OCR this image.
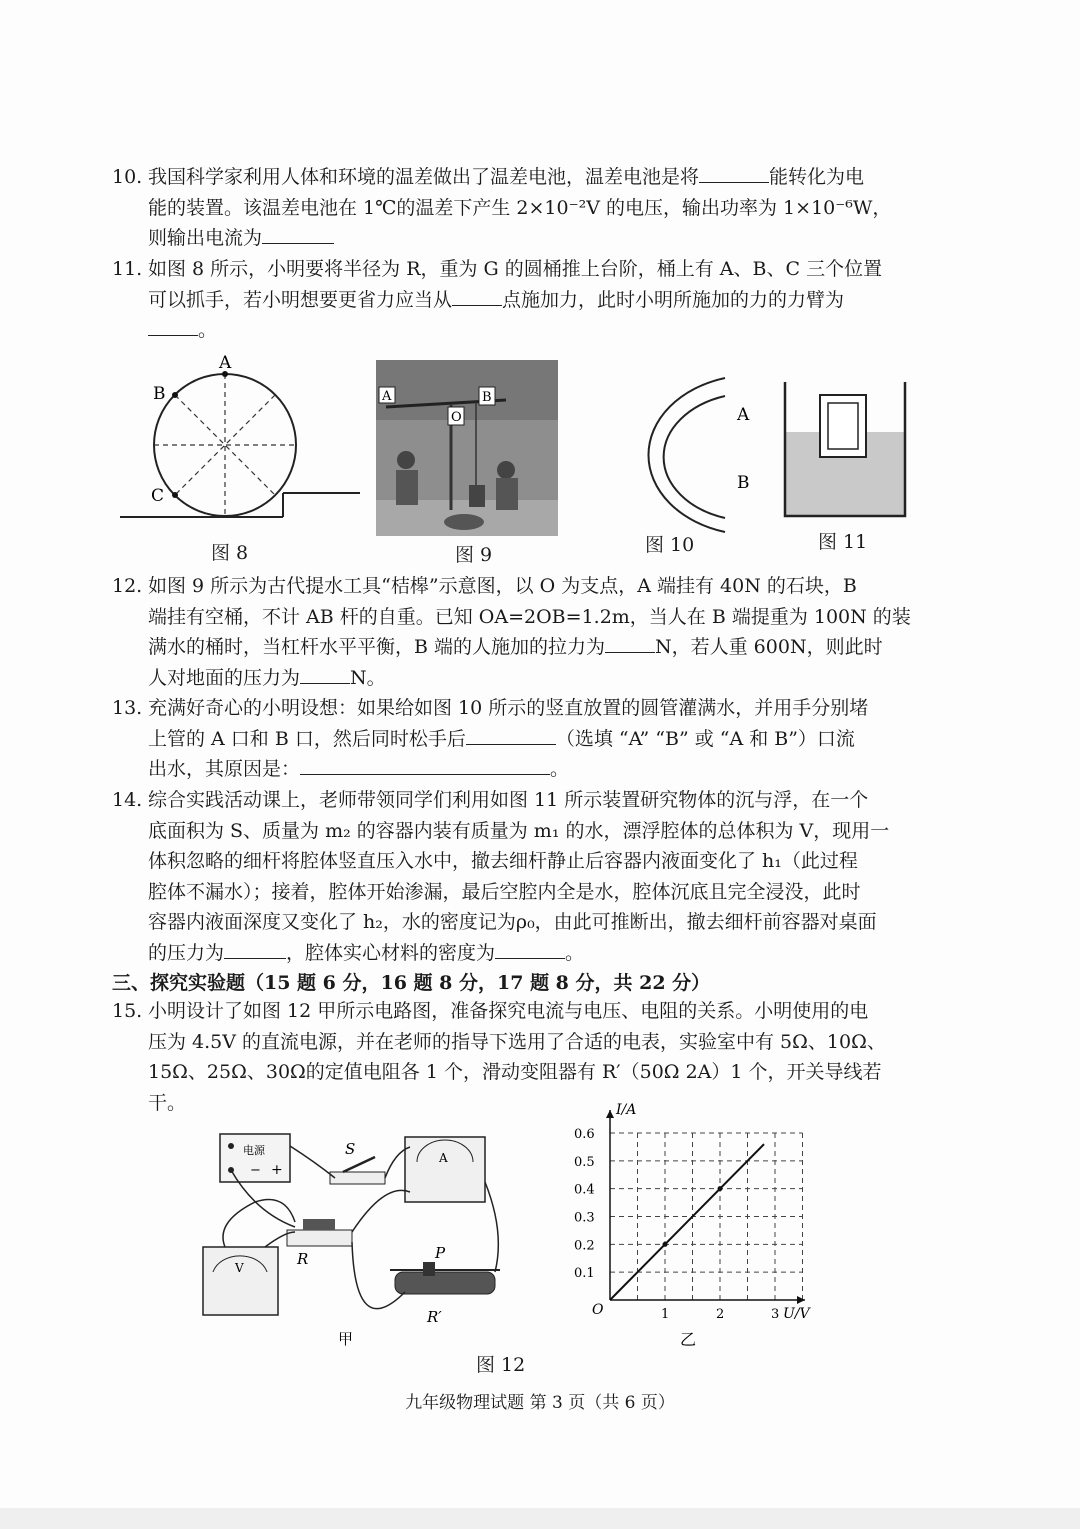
10. 我国科学家利用人体和环境的温差做出了温差电池，温差电池是将	能转化为电
能的装置。该温差电池在 1℃的温差下产生 2×10⁻²V 的电压，输出功率为 1×10⁻⁶W，
则输出电流为
11. 如图 8 所示，小明要将半径为 R，重为 G 的圆桶推上台阶，桶上有 A、B、C 三个位置
可以抓手，若小明想要更省力应当从	点施加力，此时小明所施加的力的力臂为
。
A
B
C
图 8
A
O
B
图 9
A
B
图 10	图 11
12. 如图 9 所示为古代提水工具“桔槔”示意图，以 O 为支点，A 端挂有 40N 的石块，B
端挂有空桶，不计 AB 杆的自重。已知 OA=2OB=1.2m，当人在 B 端提重为 100N 的装
满水的桶时，当杠杆水平平衡，B 端的人施加的拉力为	N，若人重 600N，则此时
人对地面的压力为	N。
13. 充满好奇心的小明设想：如果给如图 10 所示的竖直放置的圆管灌满水，并用手分别堵
上管的 A 口和 B 口，然后同时松手后	（选填 “A” “B” 或 “A 和 B”）口流
出水，其原因是：	。
14. 综合实践活动课上，老师带领同学们利用如图 11 所示装置研究物体的沉与浮，在一个
底面积为 S、质量为 m₂ 的容器内装有质量为 m₁ 的水，漂浮腔体的总体积为 V，现用一
体积忽略的细杆将腔体竖直压入水中，撤去细杆静止后容器内液面变化了 h₁（此过程
腔体不漏水）；接着，腔体开始渗漏，最后空腔内全是水，腔体沉底且完全浸没，此时
容器内液面深度又变化了 h₂，水的密度记为ρ₀，由此可推断出，撤去细杆前容器对桌面
的压力为	，腔体实心材料的密度为	。
三、探究实验题（15 题 6 分，16 题 8 分，17 题 8 分，共 22 分）
15. 小明设计了如图 12 甲所示电路图，准备探究电流与电压、电阻的关系。小明使用的电
压为 4.5V 的直流电源，并在老师的指导下选用了合适的电表，实验室中有 5Ω、10Ω、
15Ω、25Ω、30Ω的定值电阻各 1 个，滑动变阻器有 R′（50Ω 2A）1 个，开关导线若干。
电源
− +
S	A
R
V
P
R′
甲
I/A
U/V
O
0.1
0.2
0.3
0.4
0.5
0.6
1	2	3
乙
图 12
九年级物理试题 第 3 页（共 6 页）
